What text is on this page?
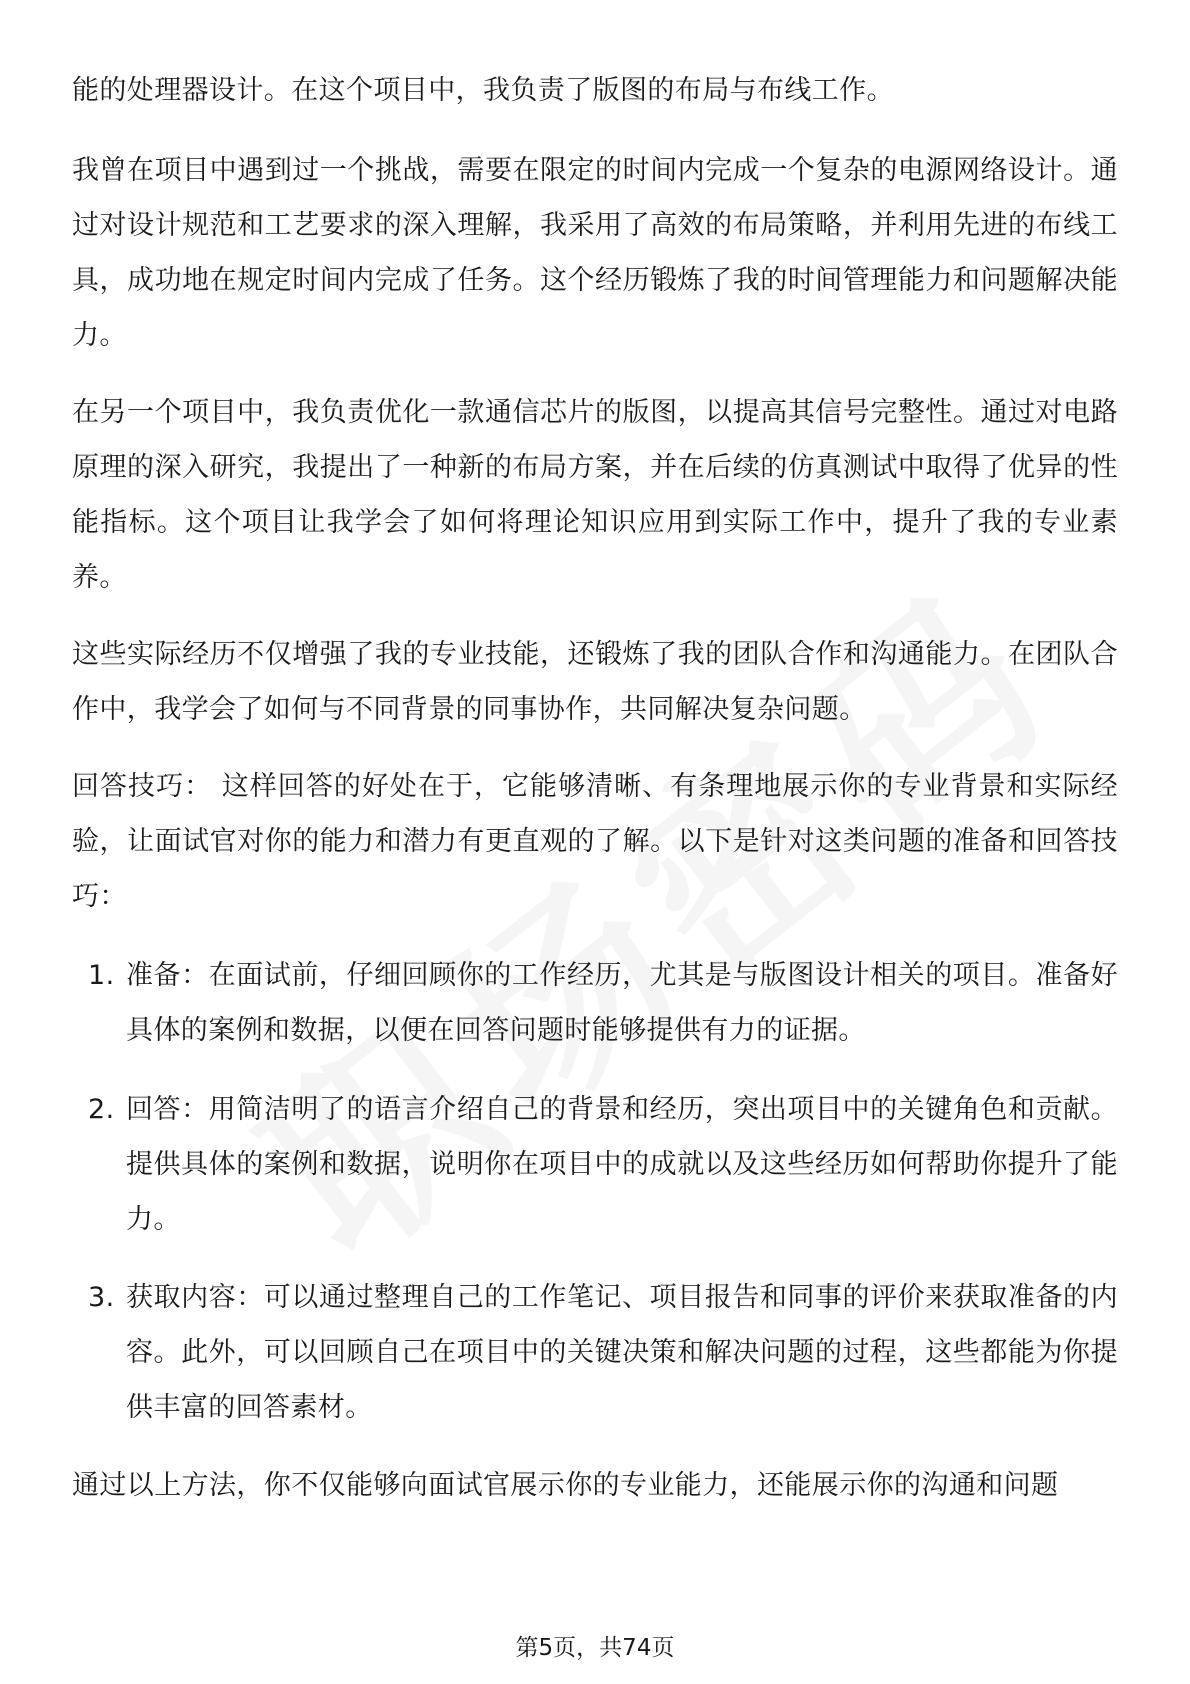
能的处理器设计。在这个项目中，我负责了版图的布局与布线工作。

我曾在项目中遇到过一个挑战，需要在限定的时间内完成一个复杂的电源网络设计。通过对设计规范和工艺要求的深入理解，我采用了高效的布局策略，并利用先进的布线工具，成功地在规定时间内完成了任务。这个经历锻炼了我的时间管理能力和问题解决能力。

在另一个项目中，我负责优化一款通信芯片的版图，以提高其信号完整性。通过对电路原理的深入研究，我提出了一种新的布局方案，并在后续的仿真测试中取得了优异的性能指标。这个项目让我学会了如何将理论知识应用到实际工作中，提升了我的专业素养。

这些实际经历不仅增强了我的专业技能，还锻炼了我的团队合作和沟通能力。在团队合作中，我学会了如何与不同背景的同事协作，共同解决复杂问题。

回答技巧： 这样回答的好处在于，它能够清晰、有条理地展示你的专业背景和实际经验，让面试官对你的能力和潜力有更直观的了解。以下是针对这类问题的准备和回答技巧：

1. 准备：在面试前，仔细回顾你的工作经历，尤其是与版图设计相关的项目。准备好具体的案例和数据，以便在回答问题时能够提供有力的证据。
2. 回答：用简洁明了的语言介绍自己的背景和经历，突出项目中的关键角色和贡献。提供具体的案例和数据，说明你在项目中的成就以及这些经历如何帮助你提升了能力。
3. 获取内容：可以通过整理自己的工作笔记、项目报告和同事的评价来获取准备的内容。此外，可以回顾自己在项目中的关键决策和解决问题的过程，这些都能为你提供丰富的回答素材。

通过以上方法，你不仅能够向面试官展示你的专业能力，还能展示你的沟通和问题

第5页，共74页
